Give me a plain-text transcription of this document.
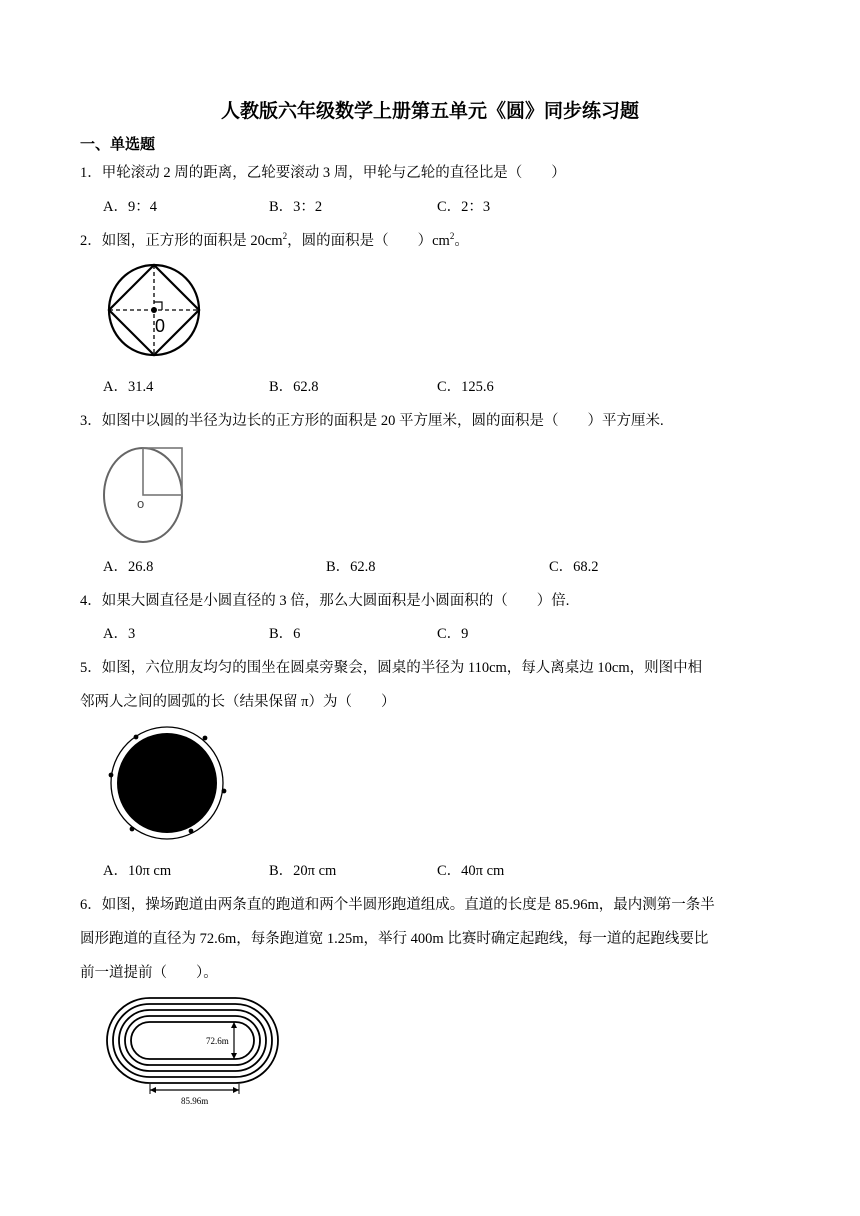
人教版六年级数学上册第五单元《圆》同步练习题
一、单选题
1．甲轮滚动 2 周的距离，乙轮要滚动 3 周，甲轮与乙轮的直径比是（　　）
A．9：4	B．3：2	C．2：3
2．如图，正方形的面积是 $20cm^2$，圆的面积是（　　）$cm^2$。
0
A．31.4	B．62.8	C．125.6
3．如图中以圆的半径为边长的正方形的面积是 20 平方厘米，圆的面积是（　　）平方厘米.
o
A．26.8	B．62.8	C．68.2
4．如果大圆直径是小圆直径的 3 倍，那么大圆面积是小圆面积的（　　）倍.
A．3	B．6	C．9
5．如图，六位朋友均匀的围坐在圆桌旁聚会，圆桌的半径为 110cm，每人离桌边 10cm，则图中相
邻两人之间的圆弧的长（结果保留 π）为（　　）
A．10π cm	B．20π cm	C．40π cm
6．如图，操场跑道由两条直的跑道和两个半圆形跑道组成。直道的长度是 85.96m，最内测第一条半
圆形跑道的直径为 72.6m，每条跑道宽 1.25m，举行 400m 比赛时确定起跑线，每一道的起跑线要比
前一道提前（　　）。
72.6m
85.96m
